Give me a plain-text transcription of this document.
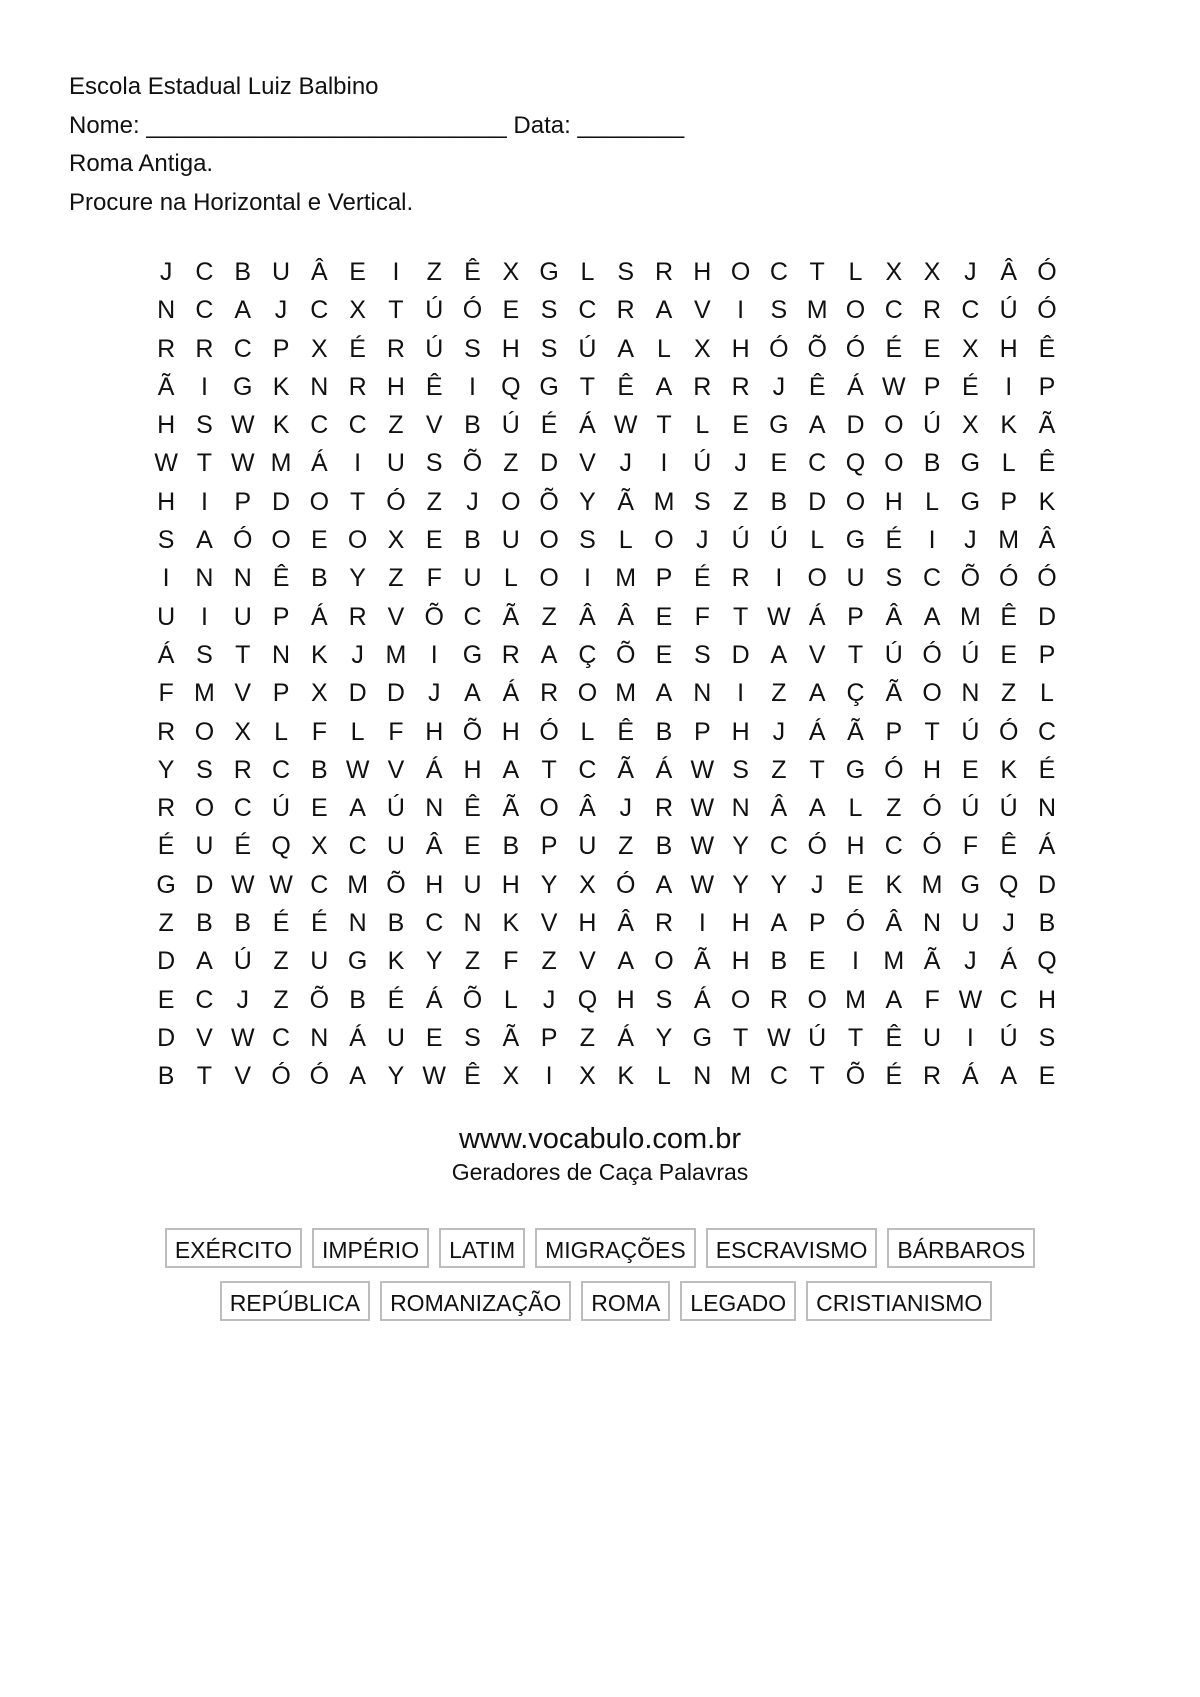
Escola Estadual Luiz Balbino
Nome: ___________________________ Data: ________
Roma Antiga.
Procure na Horizontal e Vertical.
J C B U Â E	I	Z Ê X G L S R H O C T L X X J Â Ó
N C A J C X T Ú Ó E S C R A V	I	S M O C R C Ú Ó
R R C P X É R Ú S H S Ú A L X H Ó Õ Ó É E X H Ê
Ã	I	G K N R H Ê	I	Q G T Ê A R R J Ê Á W P É	I	P
H S W K C C Z V B Ú É Á W T L E G A D O Ú X K Ã
W T W M Á	I	U S Õ Z D V J	I	Ú J E C Q O B G L Ê
H	I	P D O T Ó Z J O Õ Y Ã M S Z B D O H L G P K
S A Ó O E O X E B U O S L O J Ú Ú L G É	I	J M Â
I	N N Ê B Y Z F U L O	I M P É R	I	O U S C Õ Ó Ó
U	I	U P Á R V Õ C Ã Z Â Â E F T W Á P Â A M Ê D
Á S T N K J M I	G R A Ç Õ E S D A V T Ú Ó Ú E P
F M V P X D D J A Á R O M A N	I	Z A Ç Ã O N Z L
R O X L F L F H Õ H Ó L Ê B P H J Á Ã P T Ú Ó C
Y S R C B W V Á H A T C Ã Á W S Z T G Ó H E K É
R O C Ú E A Ú N Ê Ã O Â J R W N Â A L Z Ó Ú Ú N
É U É Q X C U Â E B P U Z B W Y C Ó H C Ó F Ê Á
G D W W C M Õ H U H Y X Ó A W Y Y J E K M G Q D
Z B B É É N B C N K V H Â R	I	H A P Ó Â N U J B
D A Ú Z U G K Y Z F Z V A O Ã H B E	I M Ã J Á Q
E C J Z Õ B É Á Õ L	J Q H S Á O R O M A F W C H
D V W C N Á U E S Ã P Z Á Y G T W Ú T Ê U	I	Ú S
B T V Ó Ó A Y W Ê X	I	X K L N M C T Õ É R Á A E
www.vocabulo.com.br
Geradores de Caça Palavras
EXÉRCITO	IMPÉRIO	LATIM	MIGRAÇÕES	ESCRAVISMO	BÁRBAROS
REPÚBLICA	ROMANIZAÇÃO	ROMA	LEGADO	CRISTIANISMO
